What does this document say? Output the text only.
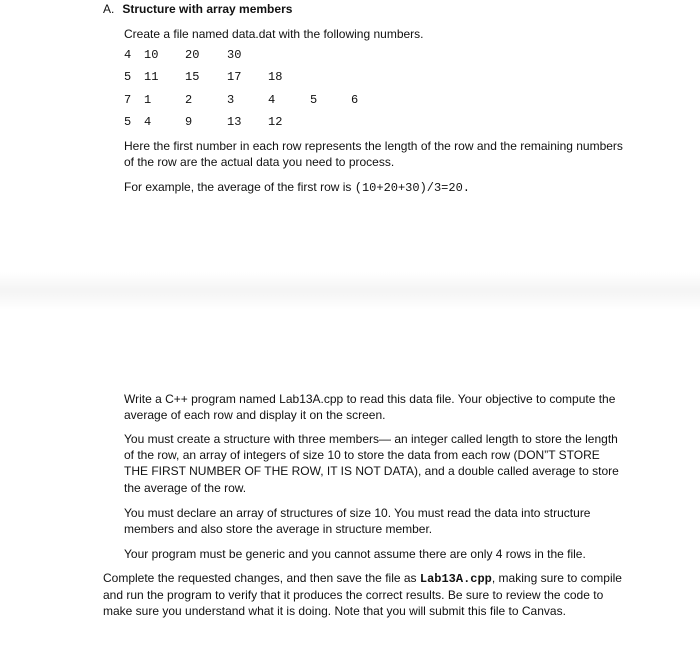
A. Structure with array members

Create a file named data.dat with the following numbers.

4 10 20 30
5 11 15 17 18
7 1	2	3	4	5	6
5 4	9	13 12

Here the first number in each row represents the length of the row and the remaining numbers of the row are the actual data you need to process.

For example, the average of the first row is (10+20+30)/3=20.

Write a C++ program named Lab13A.cpp to read this data file. Your objective to compute the average of each row and display it on the screen.

You must create a structure with three members— an integer called length to store the length of the row, an array of integers of size 10 to store the data from each row (DON”T STORE THE FIRST NUMBER OF THE ROW, IT IS NOT DATA), and a double called average to store the average of the row.

You must declare an array of structures of size 10. You must read the data into structure members and also store the average in structure member.

Your program must be generic and you cannot assume there are only 4 rows in the file.

Complete the requested changes, and then save the file as Lab13A.cpp, making sure to compile and run the program to verify that it produces the correct results. Be sure to review the code to make sure you understand what it is doing. Note that you will submit this file to Canvas.
